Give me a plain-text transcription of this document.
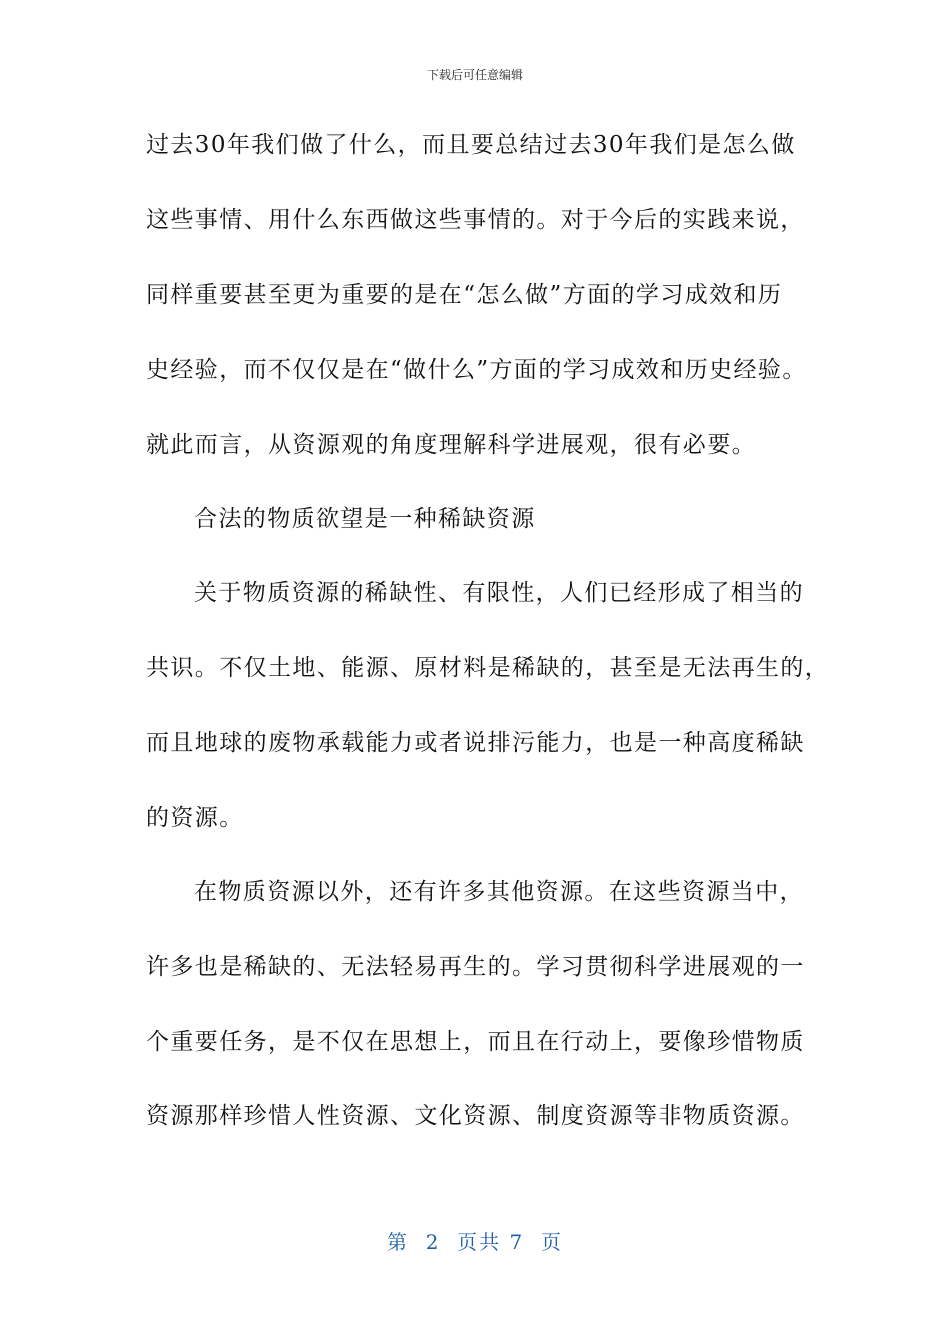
下载后可任意编辑
过去30年我们做了什么，而且要总结过去30年我们是怎么做
这些事情、用什么东西做这些事情的。对于今后的实践来说，
同样重要甚至更为重要的是在“怎么做”方面的学习成效和历
史经验，而不仅仅是在“做什么”方面的学习成效和历史经验。
就此而言，从资源观的角度理解科学进展观，很有必要。
合法的物质欲望是一种稀缺资源
关于物质资源的稀缺性、有限性，人们已经形成了相当的
共识。不仅土地、能源、原材料是稀缺的，甚至是无法再生的，
而且地球的废物承载能力或者说排污能力，也是一种高度稀缺
的资源。
在物质资源以外，还有许多其他资源。在这些资源当中，
许多也是稀缺的、无法轻易再生的。学习贯彻科学进展观的一
个重要任务，是不仅在思想上，而且在行动上，要像珍惜物质
资源那样珍惜人性资源、文化资源、制度资源等非物质资源。
第  2  页共 7  页
